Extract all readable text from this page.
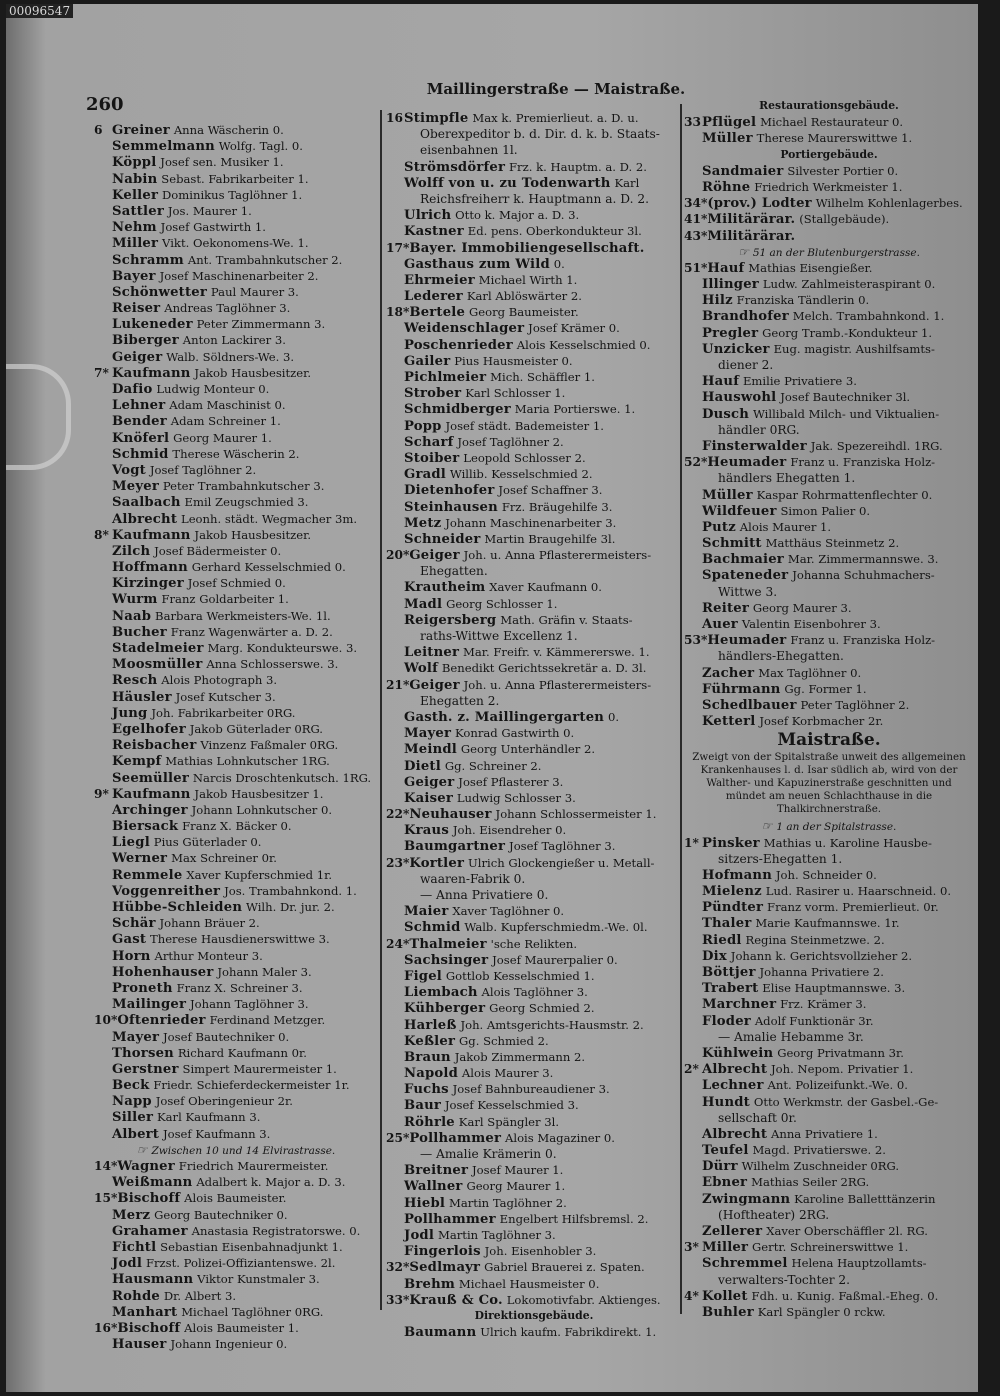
00096547
260
Maillingerstraße — Maistraße.
6 Greiner Anna Wäscherin 0.
Semmelmann Wolfg. Tagl. 0.
Köppl Josef sen. Musiker 1.
Nabin Sebast. Fabrikarbeiter 1.
Keller Dominikus Taglöhner 1.
Sattler Jos. Maurer 1.
Nehm Josef Gastwirth 1.
Miller Vikt. Oekonomens-We. 1.
Schramm Ant. Trambahnkutscher 2.
Bayer Josef Maschinenarbeiter 2.
Schönwetter Paul Maurer 3.
Reiser Andreas Taglöhner 3.
Lukeneder Peter Zimmermann 3.
Biberger Anton Lackirer 3.
Geiger Walb. Söldners-We. 3.
7* Kaufmann Jakob Hausbesitzer.
Dafio Ludwig Monteur 0.
Lehner Adam Maschinist 0.
Bender Adam Schreiner 1.
Knöferl Georg Maurer 1.
Schmid Therese Wäscherin 2.
Vogt Josef Taglöhner 2.
Meyer Peter Trambahnkutscher 3.
Saalbach Emil Zeugschmied 3.
Albrecht Leonh. städt. Wegmacher 3m.
8* Kaufmann Jakob Hausbesitzer.
Zilch Josef Bädermeister 0.
Hoffmann Gerhard Kesselschmied 0.
Kirzinger Josef Schmied 0.
Wurm Franz Goldarbeiter 1.
Naab Barbara Werkmeisters-We. 1l.
Bucher Franz Wagenwärter a. D. 2.
Stadelmeier Marg. Kondukteurswe. 3.
Moosmüller Anna Schlosserswe. 3.
Resch Alois Photograph 3.
Häusler Josef Kutscher 3.
Jung Joh. Fabrikarbeiter 0RG.
Egelhofer Jakob Güterlader 0RG.
Reisbacher Vinzenz Faßmaler 0RG.
Kempf Mathias Lohnkutscher 1RG.
Seemüller Narcis Droschtenkutsch. 1RG.
9* Kaufmann Jakob Hausbesitzer 1.
Archinger Johann Lohnkutscher 0.
Biersack Franz X. Bäcker 0.
Liegl Pius Güterlader 0.
Werner Max Schreiner 0r.
Remmele Xaver Kupferschmied 1r.
Voggenreither Jos. Trambahnkond. 1.
Hübbe-Schleiden Wilh. Dr. jur. 2.
Schär Johann Bräuer 2.
Gast Therese Hausdienerswittwe 3.
Horn Arthur Monteur 3.
Hohenhauser Johann Maler 3.
Proneth Franz X. Schreiner 3.
Mailinger Johann Taglöhner 3.
10*Oftenrieder Ferdinand Metzger.
Mayer Josef Bautechniker 0.
Thorsen Richard Kaufmann 0r.
Gerstner Simpert Maurermeister 1.
Beck Friedr. Schieferdeckermeister 1r.
Napp Josef Oberingenieur 2r.
Siller Karl Kaufmann 3.
Albert Josef Kaufmann 3.
☞ Zwischen 10 und 14 Elvirastrasse.
14*Wagner Friedrich Maurermeister.
Weißmann Adalbert k. Major a. D. 3.
15*Bischoff Alois Baumeister.
Merz Georg Bautechniker 0.
Grahamer Anastasia Registratorswe. 0.
Fichtl Sebastian Eisenbahnadjunkt 1.
Jodl Frzst. Polizei-Offiziantenswe. 2l.
Hausmann Viktor Kunstmaler 3.
Rohde Dr. Albert 3.
Manhart Michael Taglöhner 0RG.
16*Bischoff Alois Baumeister 1.
Hauser Johann Ingenieur 0.
16Stimpfle Max k. Premierlieut. a. D. u.
Oberexpeditor b. d. Dir. d. k. b. Staats-
eisenbahnen 1l.
Strömsdörfer Frz. k. Hauptm. a. D. 2.
Wolff von u. zu Todenwarth Karl
Reichsfreiherr k. Hauptmann a. D. 2.
Ulrich Otto k. Major a. D. 3.
Kastner Ed. pens. Oberkondukteur 3l.
17*Bayer. Immobiliengesellschaft.
Gasthaus zum Wild 0.
Ehrmeier Michael Wirth 1.
Lederer Karl Ablöswärter 2.
18*Bertele Georg Baumeister.
Weidenschlager Josef Krämer 0.
Poschenrieder Alois Kesselschmied 0.
Gailer Pius Hausmeister 0.
Pichlmeier Mich. Schäffler 1.
Strober Karl Schlosser 1.
Schmidberger Maria Portierswe. 1.
Popp Josef städt. Bademeister 1.
Scharf Josef Taglöhner 2.
Stoiber Leopold Schlosser 2.
Gradl Willib. Kesselschmied 2.
Dietenhofer Josef Schaffner 3.
Steinhausen Frz. Bräugehilfe 3.
Metz Johann Maschinenarbeiter 3.
Schneider Martin Braugehilfe 3l.
20*Geiger Joh. u. Anna Pflasterermeisters-
Ehegatten.
Krautheim Xaver Kaufmann 0.
Madl Georg Schlosser 1.
Reigersberg Math. Gräfin v. Staats-
raths-Wittwe Excellenz 1.
Leitner Mar. Freifr. v. Kämmererswe. 1.
Wolf Benedikt Gerichtssekretär a. D. 3l.
21*Geiger Joh. u. Anna Pflasterermeisters-
Ehegatten 2.
Gasth. z. Maillingergarten 0.
Mayer Konrad Gastwirth 0.
Meindl Georg Unterhändler 2.
Dietl Gg. Schreiner 2.
Geiger Josef Pflasterer 3.
Kaiser Ludwig Schlosser 3.
22*Neuhauser Johann Schlossermeister 1.
Kraus Joh. Eisendreher 0.
Baumgartner Josef Taglöhner 3.
23*Kortler Ulrich Glockengießer u. Metall-
waaren-Fabrik 0.
— Anna Privatiere 0.
Maier Xaver Taglöhner 0.
Schmid Walb. Kupferschmiedm.-We. 0l.
24*Thalmeier 'sche Relikten.
Sachsinger Josef Maurerpalier 0.
Figel Gottlob Kesselschmied 1.
Liembach Alois Taglöhner 3.
Kühberger Georg Schmied 2.
Harleß Joh. Amtsgerichts-Hausmstr. 2.
Keßler Gg. Schmied 2.
Braun Jakob Zimmermann 2.
Napold Alois Maurer 3.
Fuchs Josef Bahnbureaudiener 3.
Baur Josef Kesselschmied 3.
Röhrle Karl Spängler 3l.
25*Pollhammer Alois Magaziner 0.
— Amalie Krämerin 0.
Breitner Josef Maurer 1.
Wallner Georg Maurer 1.
Hiebl Martin Taglöhner 2.
Pollhammer Engelbert Hilfsbremsl. 2.
Jodl Martin Taglöhner 3.
Fingerlois Joh. Eisenhobler 3.
32*Sedlmayr Gabriel Brauerei z. Spaten.
Brehm Michael Hausmeister 0.
33*Krauß & Co. Lokomotivfabr. Aktienges.
Direktionsgebäude.
Baumann Ulrich kaufm. Fabrikdirekt. 1.
Restaurationsgebäude.
33Pflügel Michael Restaurateur 0.
Müller Therese Maurerswittwe 1.
Portiergebäude.
Sandmaier Silvester Portier 0.
Röhne Friedrich Werkmeister 1.
34*(prov.) Lodter Wilhelm Kohlenlagerbes.
41*Militärärar. (Stallgebäude).
43*Militärärar.
☞ 51 an der Blutenburgerstrasse.
51*Hauf Mathias Eisengießer.
Illinger Ludw. Zahlmeisteraspirant 0.
Hilz Franziska Tändlerin 0.
Brandhofer Melch. Trambahnkond. 1.
Pregler Georg Tramb.-Kondukteur 1.
Unzicker Eug. magistr. Aushilfsamts-
diener 2.
Hauf Emilie Privatiere 3.
Hauswohl Josef Bautechniker 3l.
Dusch Willibald Milch- und Viktualien-
händler 0RG.
Finsterwalder Jak. Spezereihdl. 1RG.
52*Heumader Franz u. Franziska Holz-
händlers Ehegatten 1.
Müller Kaspar Rohrmattenflechter 0.
Wildfeuer Simon Palier 0.
Putz Alois Maurer 1.
Schmitt Matthäus Steinmetz 2.
Bachmaier Mar. Zimmermannswe. 3.
Spateneder Johanna Schuhmachers-
Wittwe 3.
Reiter Georg Maurer 3.
Auer Valentin Eisenbohrer 3.
53*Heumader Franz u. Franziska Holz-
händlers-Ehegatten.
Zacher Max Taglöhner 0.
Führmann Gg. Former 1.
Schedlbauer Peter Taglöhner 2.
Ketterl Josef Korbmacher 2r.
Maistraße.
Zweigt von der Spitalstraße unweit des allgemeinen Krankenhauses l. d. Isar südlich ab, wird von der Walther- und Kapuzinerstraße geschnitten und mündet am neuen Schlachthause in die Thalkirchnerstraße.
☞ 1 an der Spitalstrasse.
1* Pinsker Mathias u. Karoline Hausbe-
sitzers-Ehegatten 1.
Hofmann Joh. Schneider 0.
Mielenz Lud. Rasirer u. Haarschneid. 0.
Pündter Franz vorm. Premierlieut. 0r.
Thaler Marie Kaufmannswe. 1r.
Riedl Regina Steinmetzwe. 2.
Dix Johann k. Gerichtsvollzieher 2.
Böttjer Johanna Privatiere 2.
Trabert Elise Hauptmannswe. 3.
Marchner Frz. Krämer 3.
Floder Adolf Funktionär 3r.
— Amalie Hebamme 3r.
Kühlwein Georg Privatmann 3r.
2* Albrecht Joh. Nepom. Privatier 1.
Lechner Ant. Polizeifunkt.-We. 0.
Hundt Otto Werkmstr. der Gasbel.-Ge-
sellschaft 0r.
Albrecht Anna Privatiere 1.
Teufel Magd. Privatierswe. 2.
Dürr Wilhelm Zuschneider 0RG.
Ebner Mathias Seiler 2RG.
Zwingmann Karoline Balletttänzerin
(Hoftheater) 2RG.
Zellerer Xaver Oberschäffler 2l. RG.
3* Miller Gertr. Schreinerswittwe 1.
Schremmel Helena Hauptzollamts-
verwalters-Tochter 2.
4* Kollet Fdh. u. Kunig. Faßmal.-Eheg. 0.
Buhler Karl Spängler 0 rckw.
